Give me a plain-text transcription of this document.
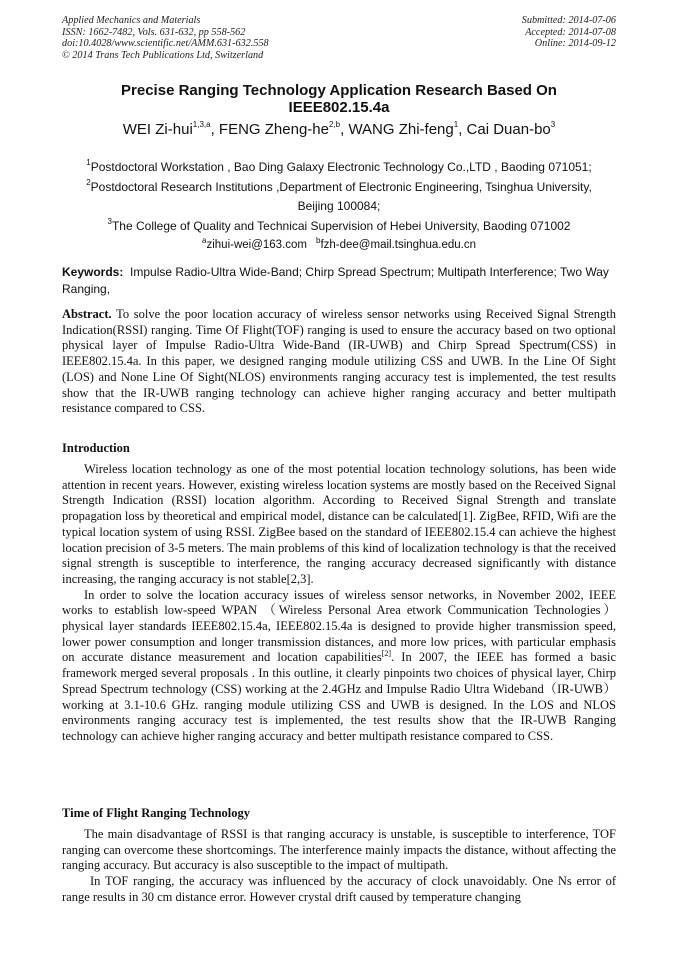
Applied Mechanics and Materials
ISSN: 1662-7482, Vols. 631-632, pp 558-562
doi:10.4028/www.scientific.net/AMM.631-632.558
© 2014 Trans Tech Publications Ltd, Switzerland
Submitted: 2014-07-06
Accepted: 2014-07-08
Online: 2014-09-12
Precise Ranging Technology Application Research Based On
IEEE802.15.4a
WEI Zi-hui$^{1,3,a}$, FENG Zheng-he$^{2,b}$, WANG Zhi-feng$^1$, Cai Duan-$bo^3$
$^1$Postdoctoral Workstation , Bao Ding Galaxy Electronic Technology Co.,LTD , Baoding 071051;
$^2$Postdoctoral Research Institutions ,Department of Electronic Engineering, Tsinghua University,
Beijing 100084;
$^3$The College of Quality and Technicai Supervision of Hebei University, Baoding 071002
$^a$zihui-wei@163.com $^b$fzh-dee@mail.tsinghua.edu.cn
Keywords: Impulse Radio-Ultra Wide-Band; Chirp Spread Spectrum; Multipath Interference; Two Way Ranging,
Abstract. To solve the poor location accuracy of wireless sensor networks using Received Signal Strength Indication(RSSI) ranging. Time Of Flight(TOF) ranging is used to ensure the accuracy based on two optional physical layer of Impulse Radio-Ultra Wide-Band (IR-UWB) and Chirp Spread Spectrum(CSS) in IEEE802.15.4a. In this paper, we designed ranging module utilizing CSS and UWB. In the Line Of Sight (LOS) and None Line Of Sight(NLOS) environments ranging accuracy test is implemented, the test results show that the IR-UWB ranging technology can achieve higher ranging accuracy and better multipath resistance compared to CSS.
Introduction

Wireless location technology as one of the most potential location technology solutions, has been wide attention in recent years. However, existing wireless location systems are mostly based on the Received Signal Strength Indication (RSSI) location algorithm. According to Received Signal Strength and translate propagation loss by theoretical and empirical model, distance can be calculated[1]. ZigBee, RFID, Wifi are the typical location system of using RSSI. ZigBee based on the standard of IEEE802.15.4 can achieve the highest location precision of 3-5 meters. The main problems of this kind of localization technology is that the received signal strength is susceptible to interference, the ranging accuracy decreased significantly with distance increasing, the ranging accuracy is not stable[2,3].

In order to solve the location accuracy issues of wireless sensor networks, in November 2002, IEEE works to establish low-speed WPAN （Wireless Personal Area etwork Communication Technologies）physical layer standards IEEE802.15.4a, IEEE802.15.4a is designed to provide higher transmission speed, lower power consumption and longer transmission distances, and more low prices, with particular emphasis on accurate distance measurement and location capabilities[2]. In 2007, the IEEE has formed a basic framework merged several proposals . In this outline, it clearly pinpoints two choices of physical layer, Chirp Spread Spectrum technology (CSS) working at the 2.4GHz and Impulse Radio Ultra Wideband（IR-UWB）working at 3.1-10.6 GHz. ranging module utilizing CSS and UWB is designed. In the LOS and NLOS environments ranging accuracy test is implemented, the test results show that the IR-UWB Ranging technology can achieve higher ranging accuracy and better multipath resistance compared to CSS.

Time of Flight Ranging Technology

The main disadvantage of RSSI is that ranging accuracy is unstable, is susceptible to interference, TOF ranging can overcome these shortcomings. The interference mainly impacts the distance, without affecting the ranging accuracy. But accuracy is also susceptible to the impact of multipath.

In TOF ranging, the accuracy was influenced by the accuracy of clock unavoidably. One Ns error of range results in 30 cm distance error. However crystal drift caused by temperature changing
